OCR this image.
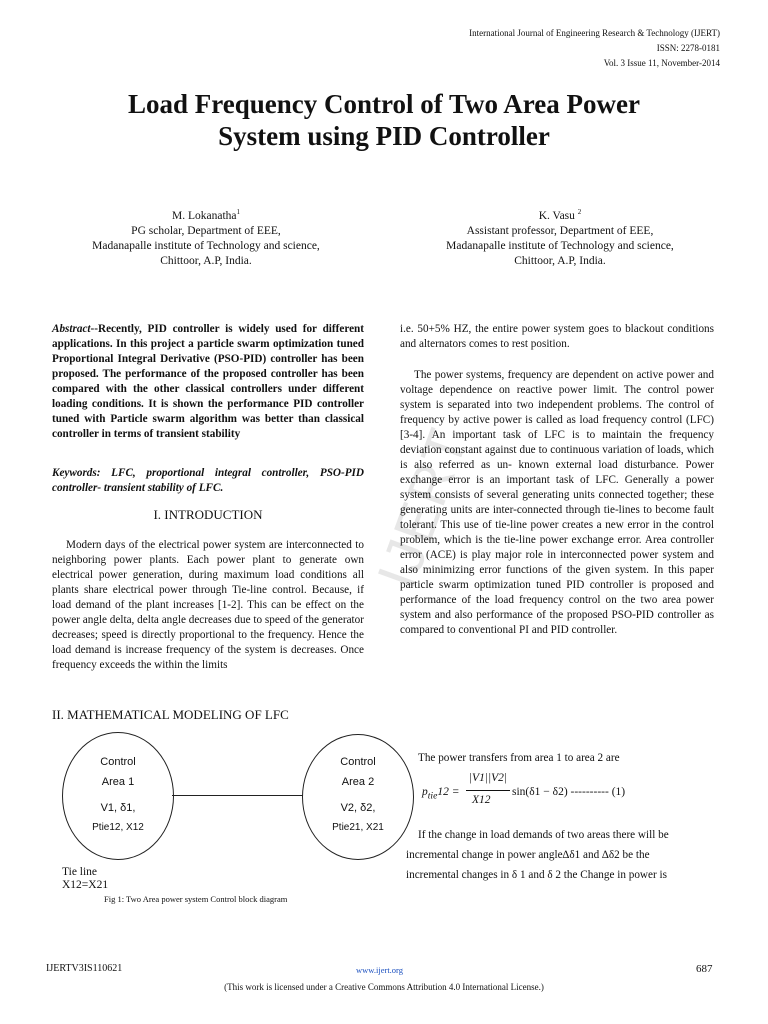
International Journal of Engineering Research & Technology (IJERT)
ISSN: 2278-0181
Vol. 3 Issue 11, November-2014
Load Frequency Control of Two Area Power
System using PID Controller
M. Lokanatha$^1$
PG scholar, Department of EEE,
Madanapalle institute of Technology and science,
Chittoor, A.P, India.
K. Vasu $^2$
Assistant professor, Department of EEE,
Madanapalle institute of Technology and science,
Chittoor, A.P, India.
Abstract--Recently, PID controller is widely used for different applications. In this project a particle swarm optimization tuned Proportional Integral Derivative (PSO-PID) controller has been proposed. The performance of the proposed controller has been compared with the other classical controllers under different loading conditions. It is shown the performance PID controller tuned with Particle swarm algorithm was better than classical controller in terms of transient stability
Keywords: LFC, proportional integral controller, PSO-PID controller- transient stability of LFC.
I. INTRODUCTION
Modern days of the electrical power system are interconnected to neighboring power plants. Each power plant to generate own electrical power generation, during maximum load conditions all plants share electrical power through Tie-line control. Because, if load demand of the plant increases [1-2]. This can be effect on the power angle delta, delta angle decreases due to speed of the generator decreases; speed is directly proportional to the frequency. Hence the load demand is increase frequency of the system is decreases. Once frequency exceeds the within the limits
II. MATHEMATICAL MODELING OF LFC
Control
Area 1
V1, δ1,
Ptie12, X12
Control
Area 2
V2, δ2,
Ptie21, X21
Tie line
X12=X21
Fig 1: Two Area power system Control block diagram
IJERT
i.e. 50+5% HZ, the entire power system goes to blackout conditions and alternators comes to rest position.
The power systems, frequency are dependent on active power and voltage dependence on reactive power limit. The control power system is separated into two independent problems. The control of frequency by active power is called as load frequency control (LFC) [3-4]. An important task of LFC is to maintain the frequency deviation constant against due to continuous variation of loads, which is also referred as un- known external load disturbance. Power exchange error is an important task of LFC. Generally a power system consists of several generating units connected together; these generating units are inter-connected through tie-lines to become fault tolerant. This use of tie-line power creates a new error in the control problem, which is the tie-line power exchange error. Area controller error (ACE) is play major role in interconnected power system and also minimizing error functions of the given system. In this paper particle swarm optimization tuned PID controller is proposed and performance of the load frequency control on the two area power system and also performance of the proposed PSO-PID controller as compared to conventional PI and PID controller.
The power transfers from area 1 to area 2 are
$p_{tie}12$ =
|V1||V2|
X12
sin(δ1 − δ2) ---------- (1)
If the change in load demands of two areas there will be
incremental change in power angle∆δ1 and ∆δ2 be the
incremental changes in δ 1 and δ 2 the Change in power is
IJERTV3IS110621	www.ijert.org	687
(This work is licensed under a Creative Commons Attribution 4.0 International License.)
